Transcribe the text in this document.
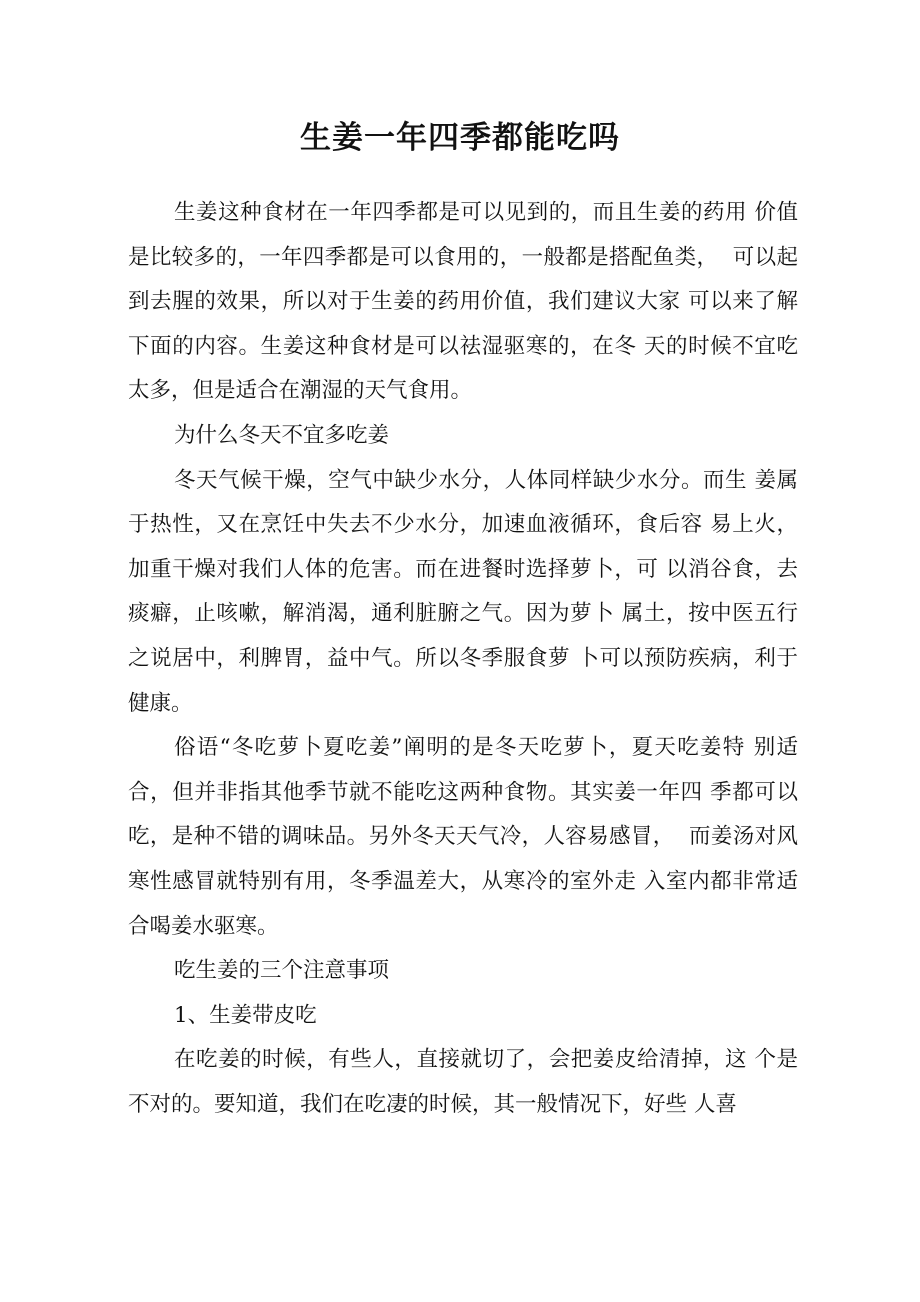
生姜一年四季都能吃吗

生姜这种食材在一年四季都是可以见到的，而且生姜的药用 价值是比较多的，一年四季都是可以食用的，一般都是搭配鱼类，  可以起到去腥的效果，所以对于生姜的药用价值，我们建议大家 可以来了解下面的内容。生姜这种食材是可以祛湿驱寒的，在冬 天的时候不宜吃太多，但是适合在潮湿的天气食用。

为什么冬天不宜多吃姜

冬天气候干燥，空气中缺少水分，人体同样缺少水分。而生 姜属于热性，又在烹饪中失去不少水分，加速血液循环，食后容 易上火，加重干燥对我们人体的危害。而在进餐时选择萝卜，可 以消谷食，去痰癖，止咳嗽，解消渴，通利脏腑之气。因为萝卜 属土，按中医五行之说居中，利脾胃，益中气。所以冬季服食萝 卜可以预防疾病，利于健康。

俗语“冬吃萝卜夏吃姜”阐明的是冬天吃萝卜，夏天吃姜特 别适合，但并非指其他季节就不能吃这两种食物。其实姜一年四 季都可以吃，是种不错的调味品。另外冬天天气冷，人容易感冒，  而姜汤对风寒性感冒就特别有用，冬季温差大，从寒冷的室外走 入室内都非常适合喝姜水驱寒。

吃生姜的三个注意事项

1、生姜带皮吃

在吃姜的时候，有些人，直接就切了，会把姜皮给清掉，这 个是不对的。要知道，我们在吃凄的时候，其一般情况下，好些 人喜
